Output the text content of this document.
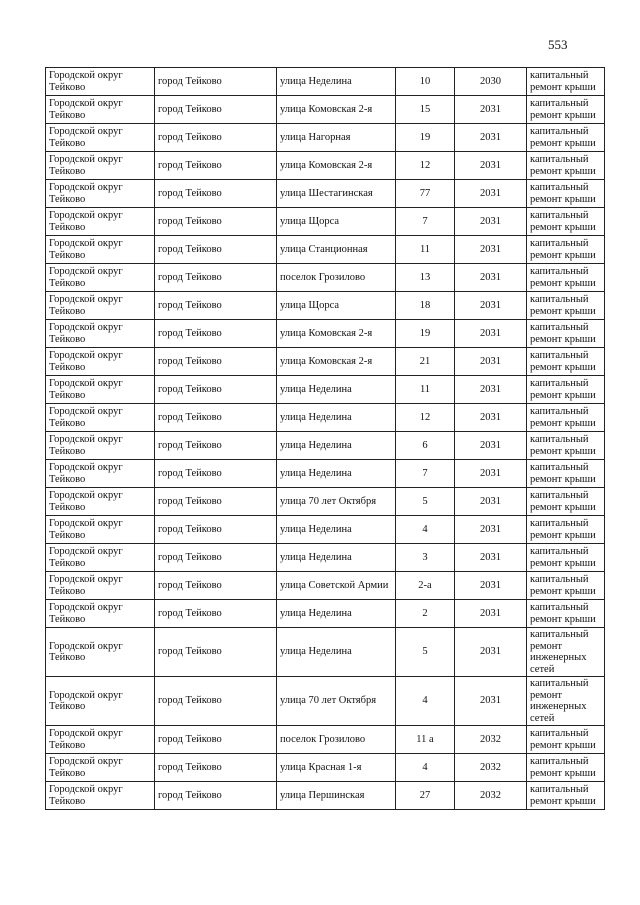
553
Городской округ Тейково	город Тейково	улица Неделина	10	2030	капитальный ремонт крыши
Городской округ Тейково	город Тейково	улица Комовская 2-я	15	2031	капитальный ремонт крыши
Городской округ Тейково	город Тейково	улица Нагорная	19	2031	капитальный ремонт крыши
Городской округ Тейково	город Тейково	улица Комовская 2-я	12	2031	капитальный ремонт крыши
Городской округ Тейково	город Тейково	улица Шестагинская	77	2031	капитальный ремонт крыши
Городской округ Тейково	город Тейково	улица Щорса	7	2031	капитальный ремонт крыши
Городской округ Тейково	город Тейково	улица Станционная	11	2031	капитальный ремонт крыши
Городской округ Тейково	город Тейково	поселок Грозилово	13	2031	капитальный ремонт крыши
Городской округ Тейково	город Тейково	улица Щорса	18	2031	капитальный ремонт крыши
Городской округ Тейково	город Тейково	улица Комовская 2-я	19	2031	капитальный ремонт крыши
Городской округ Тейково	город Тейково	улица Комовская 2-я	21	2031	капитальный ремонт крыши
Городской округ Тейково	город Тейково	улица Неделина	11	2031	капитальный ремонт крыши
Городской округ Тейково	город Тейково	улица Неделина	12	2031	капитальный ремонт крыши
Городской округ Тейково	город Тейково	улица Неделина	6	2031	капитальный ремонт крыши
Городской округ Тейково	город Тейково	улица Неделина	7	2031	капитальный ремонт крыши
Городской округ Тейково	город Тейково	улица 70 лет Октября	5	2031	капитальный ремонт крыши
Городской округ Тейково	город Тейково	улица Неделина	4	2031	капитальный ремонт крыши
Городской округ Тейково	город Тейково	улица Неделина	3	2031	капитальный ремонт крыши
Городской округ Тейково	город Тейково	улица Советской Армии	2-а	2031	капитальный ремонт крыши
Городской округ Тейково	город Тейково	улица Неделина	2	2031	капитальный ремонт крыши
Городской округ Тейково	город Тейково	улица Неделина	5	2031	капитальный ремонт инженерных сетей
Городской округ Тейково	город Тейково	улица 70 лет Октября	4	2031	капитальный ремонт инженерных сетей
Городской округ Тейково	город Тейково	поселок Грозилово	11 а	2032	капитальный ремонт крыши
Городской округ Тейково	город Тейково	улица Красная 1-я	4	2032	капитальный ремонт крыши
Городской округ Тейково	город Тейково	улица Першинская	27	2032	капитальный ремонт крыши
